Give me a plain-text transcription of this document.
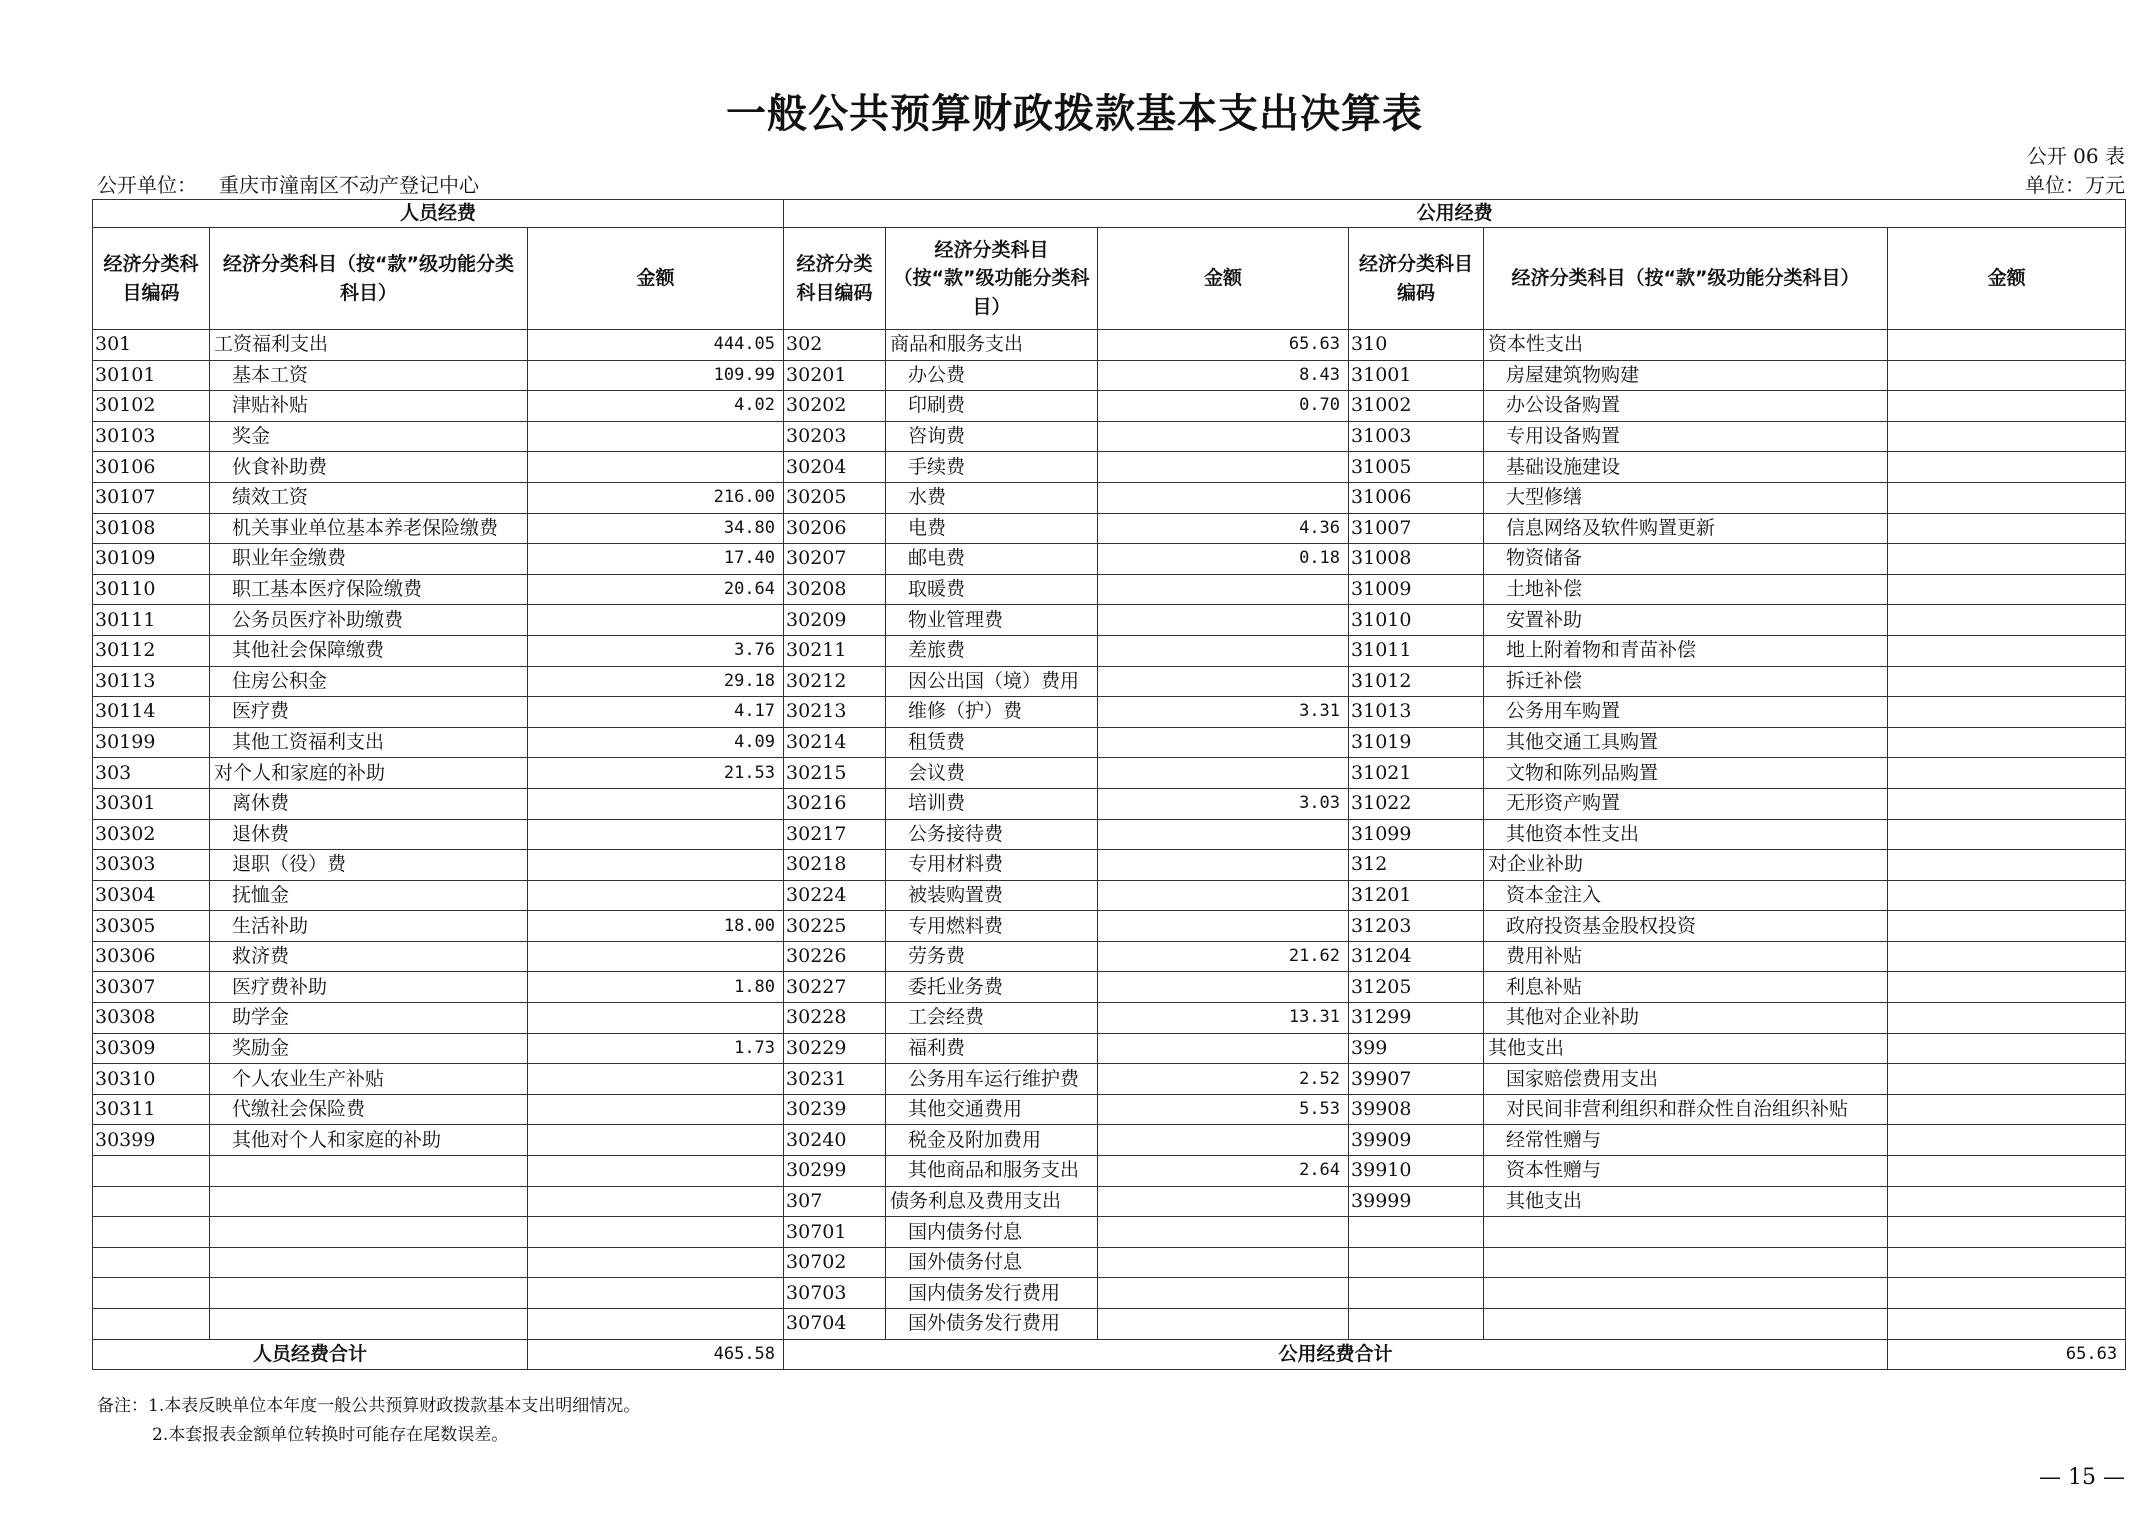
一般公共预算财政拨款基本支出决算表
公开 06 表
公开单位： 重庆市潼南区不动产登记中心	单位：万元
人员经费			公用经费					
经济分类科目编码	经济分类科目（按“款”级功能分类科目）	金额	经济分类科目编码	经济分类科目（按“款”级功能分类科目）	金额	经济分类科目编码	经济分类科目（按“款”级功能分类科目）	金额
301	工资福利支出	444.05	302	商品和服务支出	65.63	310	资本性支出	
30101	基本工资	109.99	30201	办公费	8.43	31001	房屋建筑物购建	
30102	津贴补贴	4.02	30202	印刷费	0.70	31002	办公设备购置	
30103	奖金		30203	咨询费		31003	专用设备购置	
30106	伙食补助费		30204	手续费		31005	基础设施建设	
30107	绩效工资	216.00	30205	水费		31006	大型修缮	
30108	机关事业单位基本养老保险缴费	34.80	30206	电费	4.36	31007	信息网络及软件购置更新	
30109	职业年金缴费	17.40	30207	邮电费	0.18	31008	物资储备	
30110	职工基本医疗保险缴费	20.64	30208	取暖费		31009	土地补偿	
30111	公务员医疗补助缴费		30209	物业管理费		31010	安置补助	
30112	其他社会保障缴费	3.76	30211	差旅费		31011	地上附着物和青苗补偿	
30113	住房公积金	29.18	30212	因公出国（境）费用		31012	拆迁补偿	
30114	医疗费	4.17	30213	维修（护）费	3.31	31013	公务用车购置	
30199	其他工资福利支出	4.09	30214	租赁费		31019	其他交通工具购置	
303	对个人和家庭的补助	21.53	30215	会议费		31021	文物和陈列品购置	
30301	离休费		30216	培训费	3.03	31022	无形资产购置	
30302	退休费		30217	公务接待费		31099	其他资本性支出	
30303	退职（役）费		30218	专用材料费		312	对企业补助	
30304	抚恤金		30224	被装购置费		31201	资本金注入	
30305	生活补助	18.00	30225	专用燃料费		31203	政府投资基金股权投资	
30306	救济费		30226	劳务费	21.62	31204	费用补贴	
30307	医疗费补助	1.80	30227	委托业务费		31205	利息补贴	
30308	助学金		30228	工会经费	13.31	31299	其他对企业补助	
30309	奖励金	1.73	30229	福利费		399	其他支出	
30310	个人农业生产补贴		30231	公务用车运行维护费	2.52	39907	国家赔偿费用支出	
30311	代缴社会保险费		30239	其他交通费用	5.53	39908	对民间非营利组织和群众性自治组织补贴	
30399	其他对个人和家庭的补助		30240	税金及附加费用		39909	经常性赠与	
			30299	其他商品和服务支出	2.64	39910	资本性赠与	
			307	债务利息及费用支出		39999	其他支出	
			30701	国内债务付息				
			30702	国外债务付息				
			30703	国内债务发行费用				
			30704	国外债务发行费用				
人员经费合计		465.58	公用经费合计					65.63
备注：1.本表反映单位本年度一般公共预算财政拨款基本支出明细情况。
2.本套报表金额单位转换时可能存在尾数误差。
— 15 —
